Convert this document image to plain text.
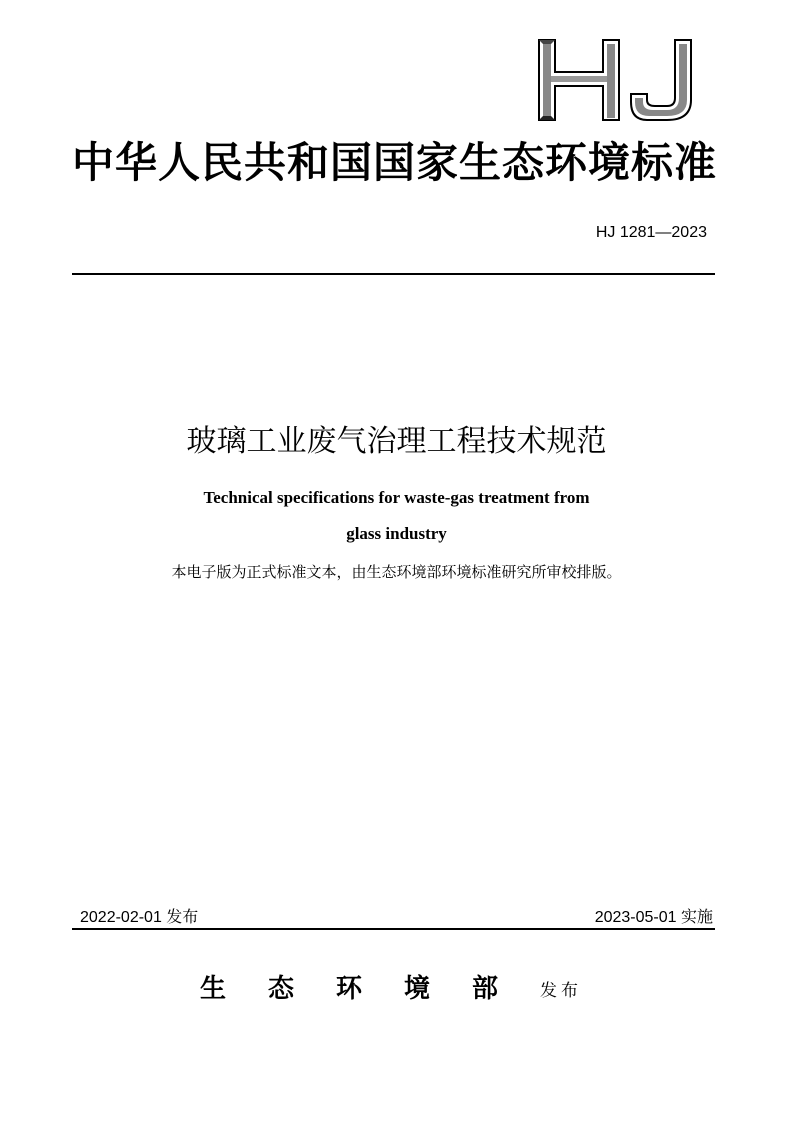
中华人民共和国国家生态环境标准
HJ 1281—2023
玻璃工业废气治理工程技术规范
Technical specifications for waste-gas treatment from
glass industry
本电子版为正式标准文本，由生态环境部环境标准研究所审校排版。
2022-02-01 发布	2023-05-01 实施
生态环境部 发布
